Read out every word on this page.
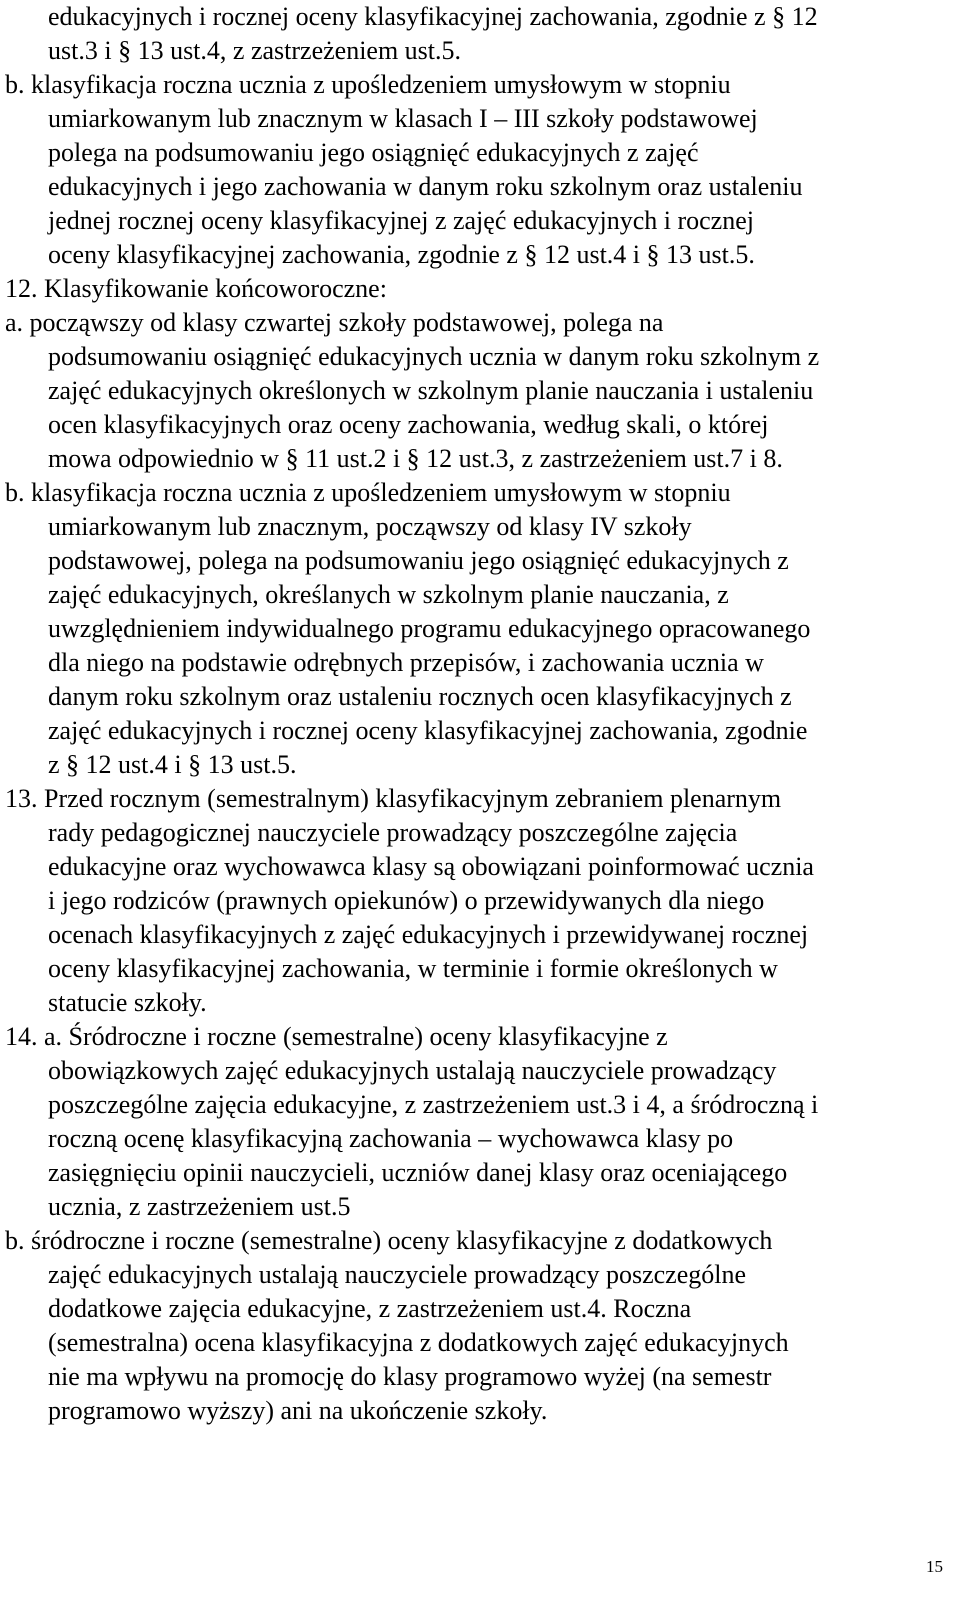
edukacyjnych i rocznej oceny klasyfikacyjnej zachowania, zgodnie z § 12
ust.3 i § 13 ust.4, z zastrzeżeniem ust.5.
b. klasyfikacja roczna ucznia z upośledzeniem umysłowym w stopniu
umiarkowanym lub znacznym w klasach I – III szkoły podstawowej
polega na podsumowaniu jego osiągnięć edukacyjnych z zajęć
edukacyjnych i jego zachowania w danym roku szkolnym oraz ustaleniu
jednej rocznej oceny klasyfikacyjnej z zajęć edukacyjnych i rocznej
oceny klasyfikacyjnej zachowania, zgodnie z § 12 ust.4 i § 13 ust.5.
12. Klasyfikowanie końcoworoczne:
a. począwszy od klasy czwartej szkoły podstawowej, polega na
podsumowaniu osiągnięć edukacyjnych ucznia w danym roku szkolnym z
zajęć edukacyjnych określonych w szkolnym planie nauczania i ustaleniu
ocen klasyfikacyjnych oraz oceny zachowania, według skali, o której
mowa odpowiednio w § 11 ust.2 i § 12 ust.3, z zastrzeżeniem ust.7 i 8.
b. klasyfikacja roczna ucznia z upośledzeniem umysłowym w stopniu
umiarkowanym lub znacznym, począwszy od klasy IV szkoły
podstawowej, polega na podsumowaniu jego osiągnięć edukacyjnych z
zajęć edukacyjnych, określanych w szkolnym planie nauczania, z
uwzględnieniem indywidualnego programu edukacyjnego opracowanego
dla niego na podstawie odrębnych przepisów, i zachowania ucznia w
danym roku szkolnym oraz ustaleniu rocznych ocen klasyfikacyjnych z
zajęć edukacyjnych i rocznej oceny klasyfikacyjnej zachowania, zgodnie
z § 12 ust.4 i § 13 ust.5.
13. Przed rocznym (semestralnym) klasyfikacyjnym zebraniem plenarnym
rady pedagogicznej nauczyciele prowadzący poszczególne zajęcia
edukacyjne oraz wychowawca klasy są obowiązani poinformować ucznia
i jego rodziców (prawnych opiekunów) o przewidywanych dla niego
ocenach klasyfikacyjnych z zajęć edukacyjnych i przewidywanej rocznej
oceny klasyfikacyjnej zachowania, w terminie i formie określonych w
statucie szkoły.
14. a. Śródroczne i roczne (semestralne) oceny klasyfikacyjne z
obowiązkowych zajęć edukacyjnych ustalają nauczyciele prowadzący
poszczególne zajęcia edukacyjne, z zastrzeżeniem ust.3 i 4, a śródroczną i
roczną ocenę klasyfikacyjną zachowania – wychowawca klasy po
zasięgnięciu opinii nauczycieli, uczniów danej klasy oraz oceniającego
ucznia, z zastrzeżeniem ust.5
b. śródroczne i roczne (semestralne) oceny klasyfikacyjne z dodatkowych
zajęć edukacyjnych ustalają nauczyciele prowadzący poszczególne
dodatkowe zajęcia edukacyjne, z zastrzeżeniem ust.4. Roczna
(semestralna) ocena klasyfikacyjna z dodatkowych zajęć edukacyjnych
nie ma wpływu na promocję do klasy programowo wyżej (na semestr
programowo wyższy) ani na ukończenie szkoły.
15
